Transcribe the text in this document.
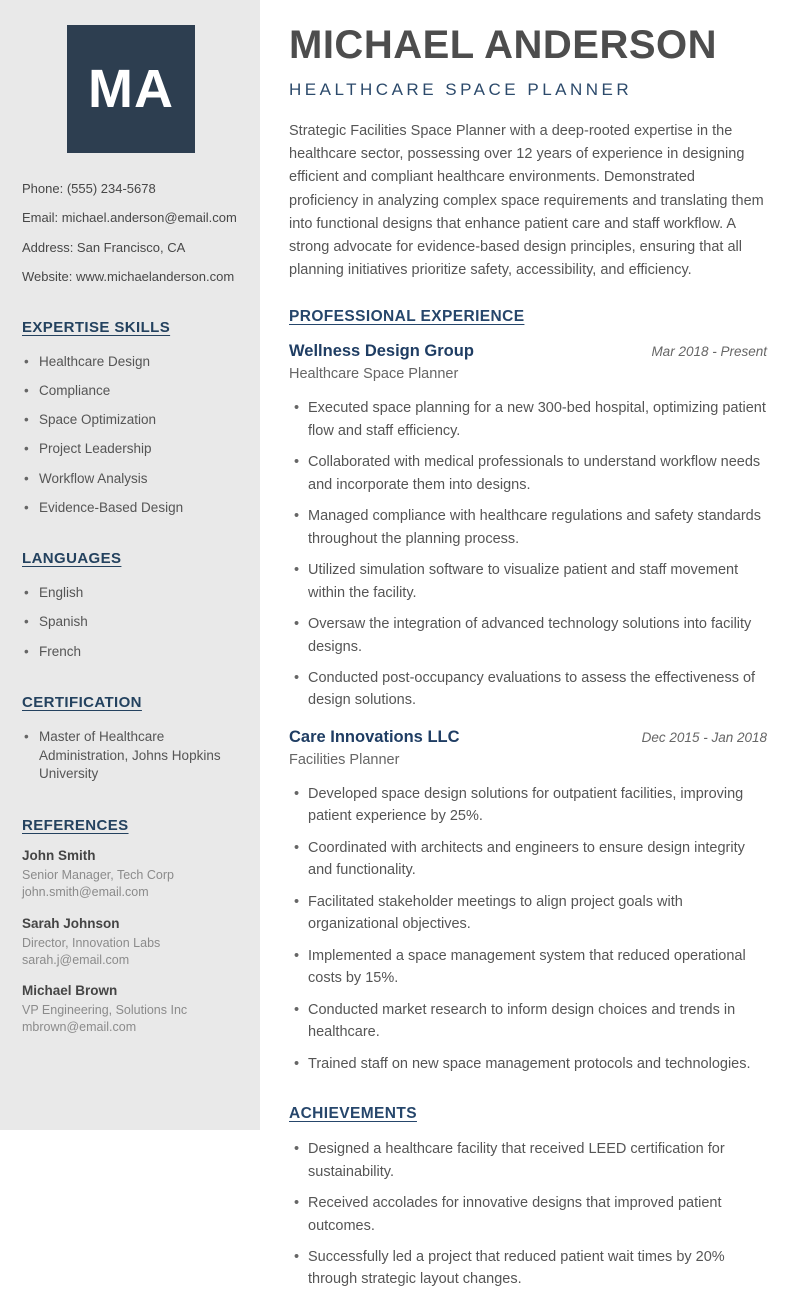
MA
Phone: (555) 234-5678
Email: michael.anderson@email.com
Address: San Francisco, CA
Website: www.michaelanderson.com
EXPERTISE SKILLS
• Healthcare Design
• Compliance
• Space Optimization
• Project Leadership
• Workflow Analysis
• Evidence-Based Design
LANGUAGES
• English
• Spanish
• French
CERTIFICATION
• Master of Healthcare Administration, Johns Hopkins University
REFERENCES
John Smith
Senior Manager, Tech Corp
john.smith@email.com
Sarah Johnson
Director, Innovation Labs
sarah.j@email.com
Michael Brown
VP Engineering, Solutions Inc
mbrown@email.com
MICHAEL ANDERSON
HEALTHCARE SPACE PLANNER

Strategic Facilities Space Planner with a deep-rooted expertise in the healthcare sector, possessing over 12 years of experience in designing efficient and compliant healthcare environments. Demonstrated proficiency in analyzing complex space requirements and translating them into functional designs that enhance patient care and staff workflow. A strong advocate for evidence-based design principles, ensuring that all planning initiatives prioritize safety, accessibility, and efficiency.

PROFESSIONAL EXPERIENCE
Wellness Design Group	Mar 2018 - Present
Healthcare Space Planner
• Executed space planning for a new 300-bed hospital, optimizing patient flow and staff efficiency.
• Collaborated with medical professionals to understand workflow needs and incorporate them into designs.
• Managed compliance with healthcare regulations and safety standards throughout the planning process.
• Utilized simulation software to visualize patient and staff movement within the facility.
• Oversaw the integration of advanced technology solutions into facility designs.
• Conducted post-occupancy evaluations to assess the effectiveness of design solutions.
Care Innovations LLC	Dec 2015 - Jan 2018
Facilities Planner
• Developed space design solutions for outpatient facilities, improving patient experience by 25%.
• Coordinated with architects and engineers to ensure design integrity and functionality.
• Facilitated stakeholder meetings to align project goals with organizational objectives.
• Implemented a space management system that reduced operational costs by 15%.
• Conducted market research to inform design choices and trends in healthcare.
• Trained staff on new space management protocols and technologies.
ACHIEVEMENTS
• Designed a healthcare facility that received LEED certification for sustainability.
• Received accolades for innovative designs that improved patient outcomes.
• Successfully led a project that reduced patient wait times by 20% through strategic layout changes.
